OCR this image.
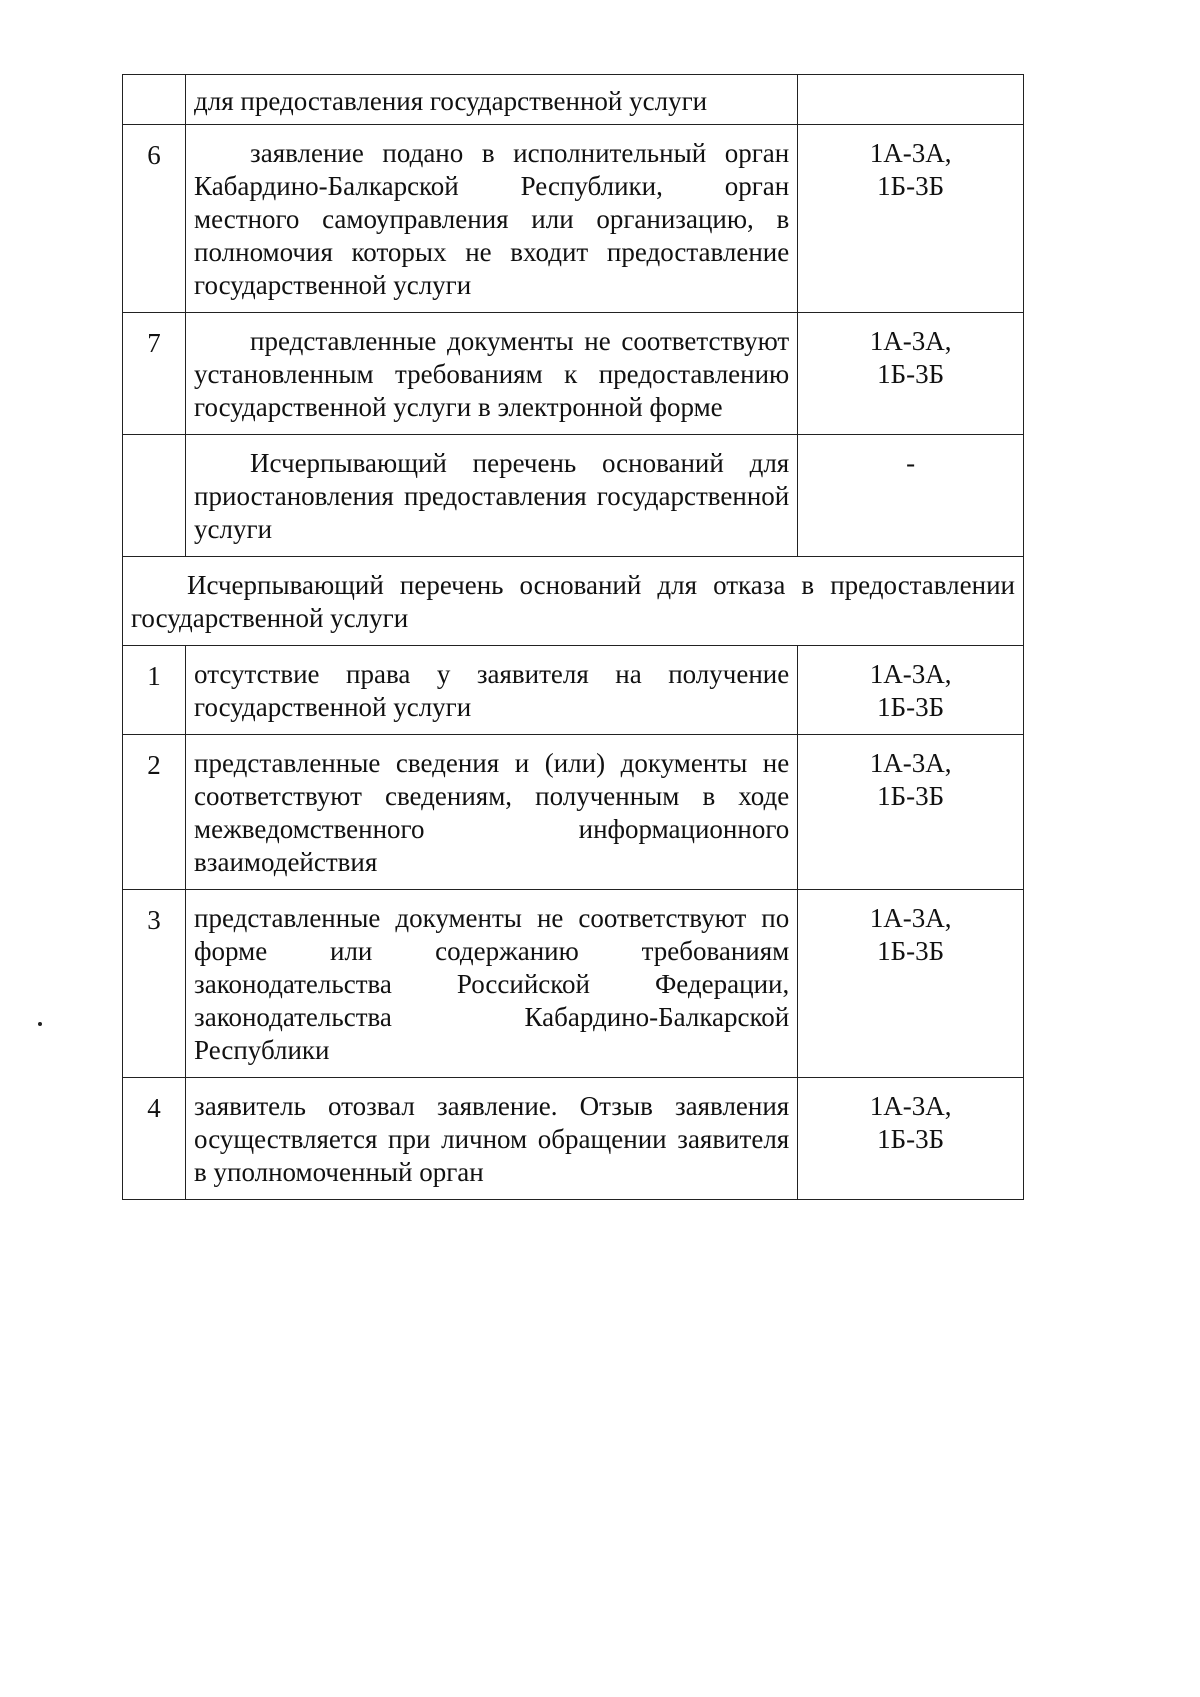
	для предоставления государственной услуги	
6	заявление подано в исполнительный орган Кабардино-Балкарской Республики, орган местного самоуправления или организацию, в полномочия которых не входит предоставление государственной услуги	1А-3А,
1Б-3Б

7	представленные документы не соответствуют установленным требованиям к предоставлению государственной услуги в электронной форме	1А-3А,
1Б-3Б

	Исчерпывающий перечень оснований для приостановления предоставления государственной услуги	-

Исчерпывающий перечень оснований для отказа в предоставлении государственной услуги		
1	отсутствие права у заявителя на получение государственной услуги	1А-3А,
1Б-3Б

2	представленные сведения и (или) документы не соответствуют сведениям, полученным в ходе межведомственного информационного взаимодействия	1А-3А,
1Б-3Б

3	представленные документы не соответствуют по форме или содержанию требованиям законодательства Российской Федерации, законодательства Кабардино-Балкарской Республики	1А-3А,
1Б-3Б

4	заявитель отозвал заявление. Отзыв заявления осуществляется при личном обращении заявителя в уполномоченный орган	1А-3А,
1Б-3Б
